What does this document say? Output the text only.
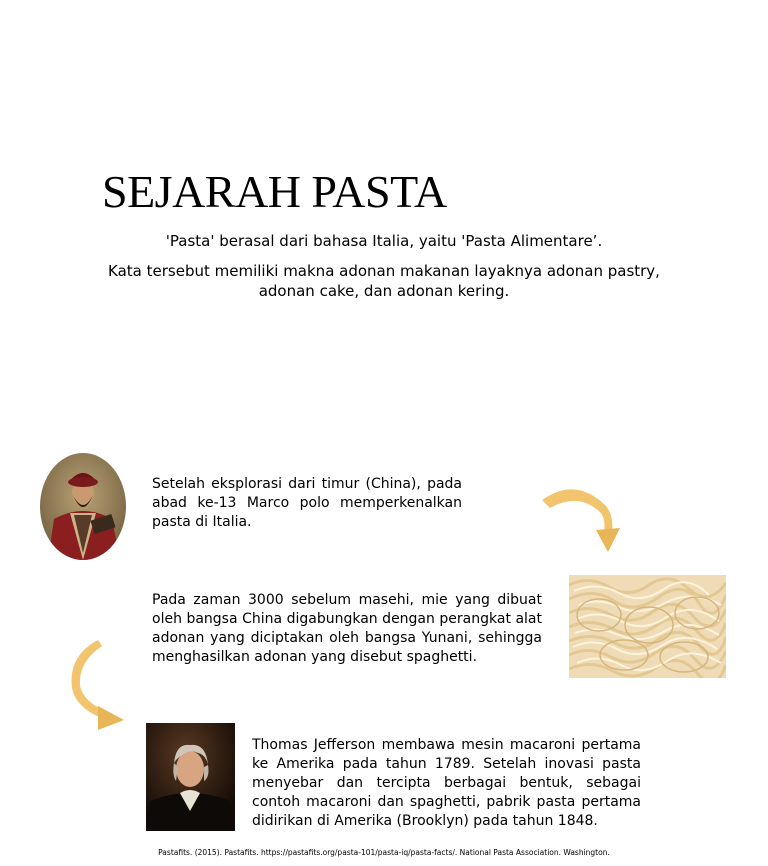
SEJARAH PASTA
'Pasta' berasal dari bahasa Italia, yaitu 'Pasta Alimentare’.
Kata tersebut memiliki makna adonan makanan layaknya adonan pastry, adonan cake, dan adonan kering.
Setelah eksplorasi dari timur (China), pada abad ke-13 Marco polo memperkenalkan pasta di Italia.
Pada zaman 3000 sebelum masehi, mie yang dibuat oleh bangsa China digabungkan dengan perangkat alat adonan yang diciptakan oleh bangsa Yunani, sehingga menghasilkan adonan yang disebut spaghetti.
Thomas Jefferson membawa mesin macaroni pertama ke Amerika pada tahun 1789. Setelah inovasi pasta menyebar dan tercipta berbagai bentuk, sebagai contoh macaroni dan spaghetti, pabrik pasta pertama didirikan di Amerika (Brooklyn) pada tahun 1848.
Pastafits. (2015). Pastafits. https://pastafits.org/pasta-101/pasta-iq/pasta-facts/. National Pasta Association. Washington.
